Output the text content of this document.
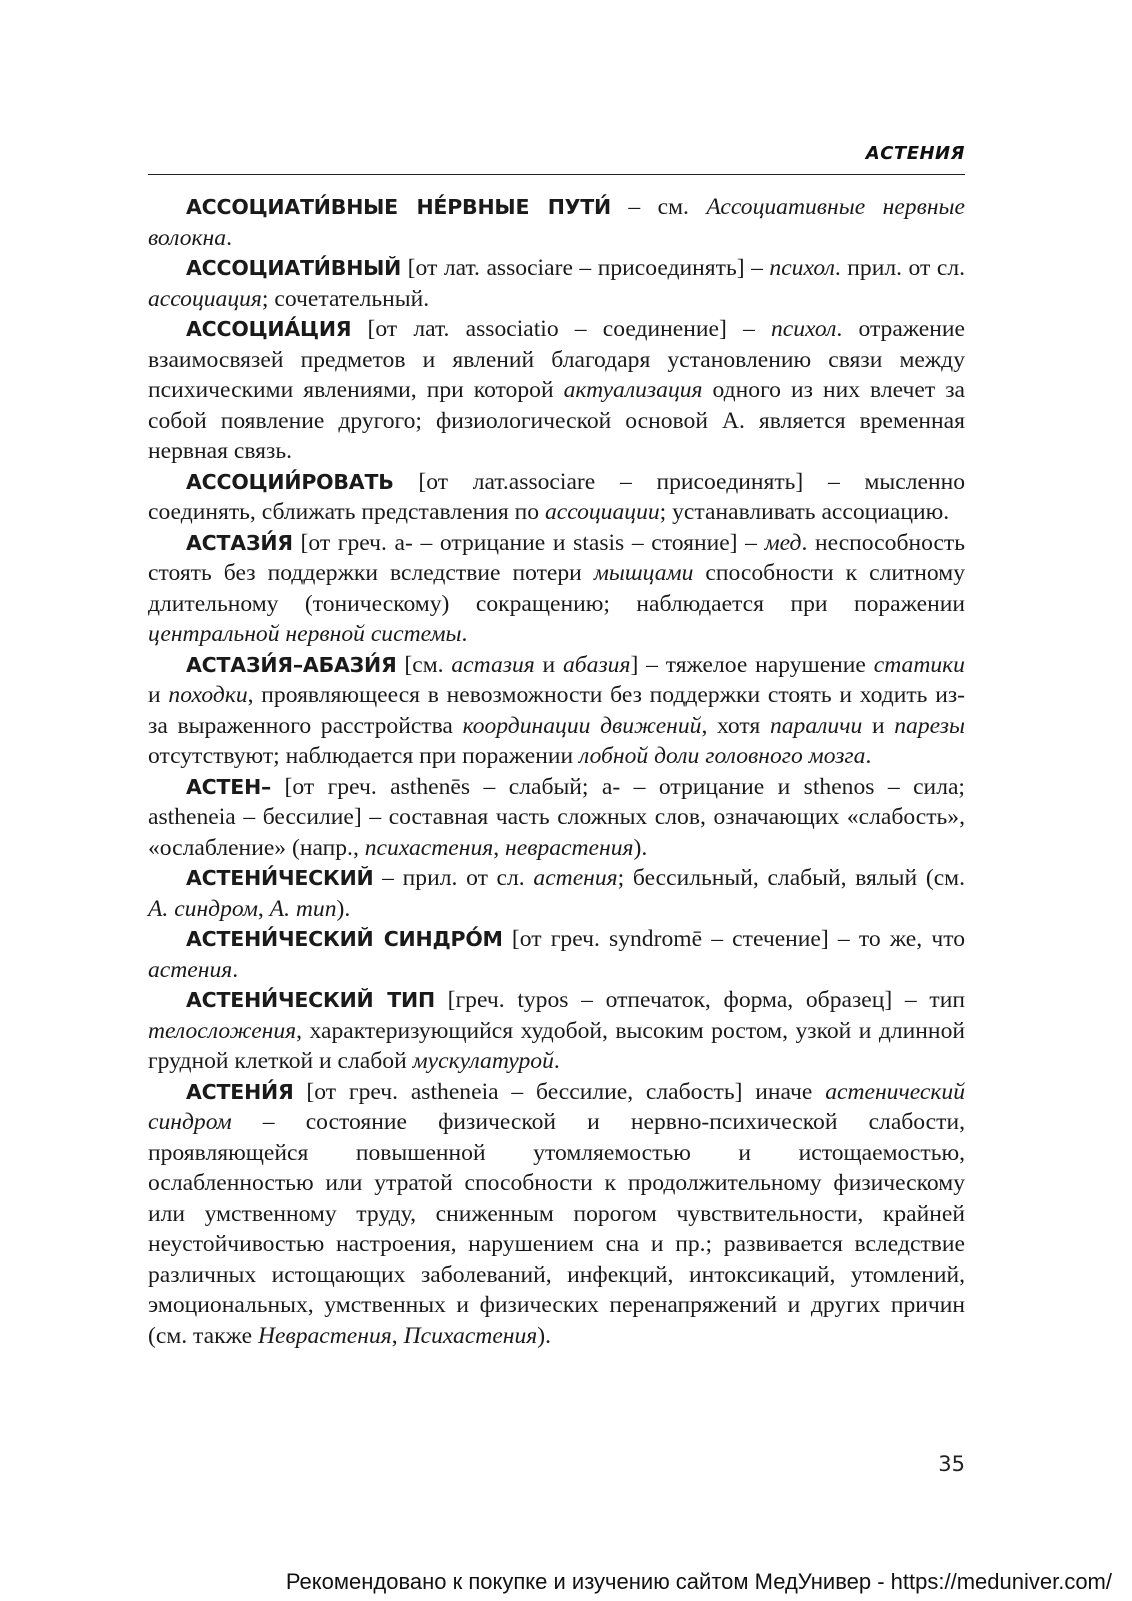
АСТЕНИЯ

АССОЦИАТИ́ВНЫЕ НЕ́РВНЫЕ ПУТИ́ – см. Ассоциативные нервные волокна.

АССОЦИАТИ́ВНЫЙ [от лат. associare – присоединять] – психол. прил. от сл. ассоциация; сочетательный.

АССОЦИА́ЦИЯ [от лат. associatio – соединение] – психол. отражение взаимосвязей предметов и явлений благодаря установлению связи между психическими явлениями, при которой актуализация одного из них влечет за собой появление другого; физиологической основой А. является временная нервная связь.

АССОЦИИ́РОВАТЬ [от лат.associare – присоединять] – мысленно соединять, сближать представления по ассоциации; устанавливать ассоциацию.

АСТАЗИ́Я [от греч. а- – отрицание и stasis – стояние] – мед. неспособность стоять без поддержки вследствие потери мышцами способности к слитному длительному (тоническому) сокращению; наблюдается при поражении центральной нервной системы.

АСТАЗИ́Я–АБАЗИ́Я [см. астазия и абазия] – тяжелое нарушение статики и походки, проявляющееся в невозможности без поддержки стоять и ходить из-за выраженного расстройства координации движений, хотя параличи и парезы отсутствуют; наблюдается при поражении лобной доли головного мозга.

АСТЕН– [от греч. asthenēs – слабый; а- – отрицание и sthenos – сила; astheneia – бессилие] – составная часть сложных слов, означающих «слабость», «ослабление» (напр., психастения, неврастения).

АСТЕНИ́ЧЕСКИЙ – прил. от сл. астения; бессильный, слабый, вялый (см. А. синдром, А. тип).

АСТЕНИ́ЧЕСКИЙ СИНДРО́М [от греч. syndromē – стечение] – то же, что астения.

АСТЕНИ́ЧЕСКИЙ ТИП [греч. typos – отпечаток, форма, образец] – тип телосложения, характеризующийся худобой, высоким ростом, узкой и длинной грудной клеткой и слабой мускулатурой.

АСТЕНИ́Я [от греч. astheneia – бессилие, слабость] иначе астенический синдром – состояние физической и нервно-психической слабости, проявляющейся повышенной утомляемостью и истощаемостью, ослабленностью или утратой способности к продолжительному физическому или умственному труду, сниженным порогом чувствительности, крайней неустойчивостью настроения, нарушением сна и пр.; развивается вследствие различных истощающих заболеваний, инфекций, интоксикаций, утомлений, эмоциональных, умственных и физических перенапряжений и других причин (см. также Неврастения, Психастения).

35
Рекомендовано к покупке и изучению сайтом МедУнивер - https://meduniver.com/
